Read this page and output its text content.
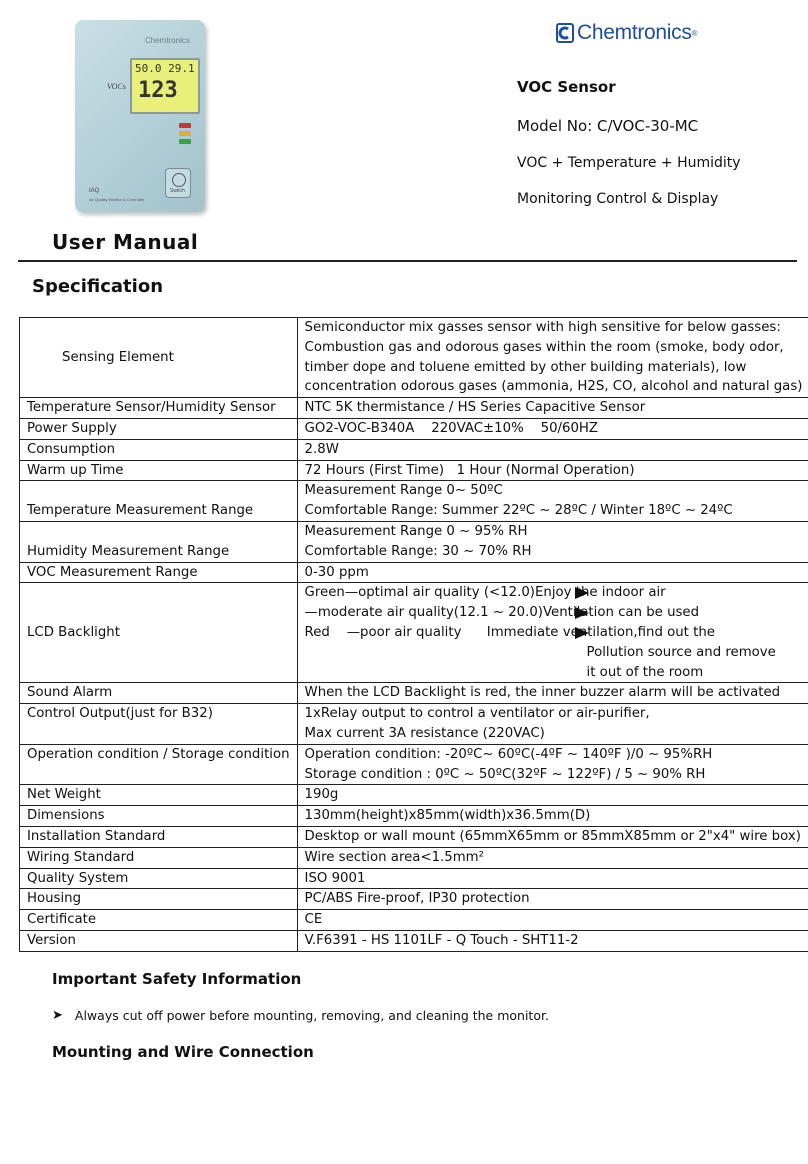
Chemtronics
50.0 29.1
123
VOCs
Switch
IAQ
Air Quality Monitor & Controller
Chemtronics ®
VOC Sensor
Model No: C/VOC-30-MC
VOC + Temperature + Humidity
Monitoring Control & Display
User Manual
Specification
Sensing Element	Semiconductor mix gasses sensor with high sensitive for below gasses:
Combustion gas and odorous gases within the room (smoke, body odor,
timber dope and toluene emitted by other building materials), low
concentration odorous gases (ammonia, H2S, CO, alcohol and natural gas)

Temperature Sensor/Humidity Sensor	NTC 5K thermistance / HS Series Capacitive Sensor
Power Supply	GO2-VOC-B340A    220VAC±10%    50/60HZ
Consumption	2.8W
Warm up Time	72 Hours (First Time)   1 Hour (Normal Operation)
Temperature Measurement Range	Measurement Range 0~ 50ºC
Comfortable Range: Summer 22ºC ~ 28ºC / Winter 18ºC ~ 24ºC

Humidity Measurement Range	Measurement Range 0 ~ 95% RH
Comfortable Range: 30 ~ 70% RH

VOC Measurement Range	0-30 ppm
LCD Backlight	Green—optimal air quality (<12.0)Enjoy the indoor air
—moderate air quality(12.1 ~ 20.0)Ventilation can be used
Red    —poor air quality      Immediate ventilation,find out the
Pollution source and remove
it out of the room

Sound Alarm	When the LCD Backlight is red, the inner buzzer alarm will be activated
Control Output(just for B32)	1xRelay output to control a ventilator or air-purifier,
Max current 3A resistance (220VAC)

Operation condition / Storage condition	Operation condition: -20ºC~ 60ºC(-4ºF ~ 140ºF )/0 ~ 95%RH
Storage condition : 0ºC ~ 50ºC(32ºF ~ 122ºF) / 5 ~ 90% RH

Net Weight	190g
Dimensions	130mm(height)x85mm(width)x36.5mm(D)
Installation Standard	Desktop or wall mount (65mmX65mm or 85mmX85mm or 2"x4" wire box)
Wiring Standard	Wire section area<1.5mm²
Quality System	ISO 9001
Housing	PC/ABS Fire-proof, IP30 protection
Certificate	CE
Version	V.F6391 - HS 1101LF - Q Touch - SHT11-2
Important Safety Information
➤ Always cut off power before mounting, removing, and cleaning the monitor.
Mounting and Wire Connection
